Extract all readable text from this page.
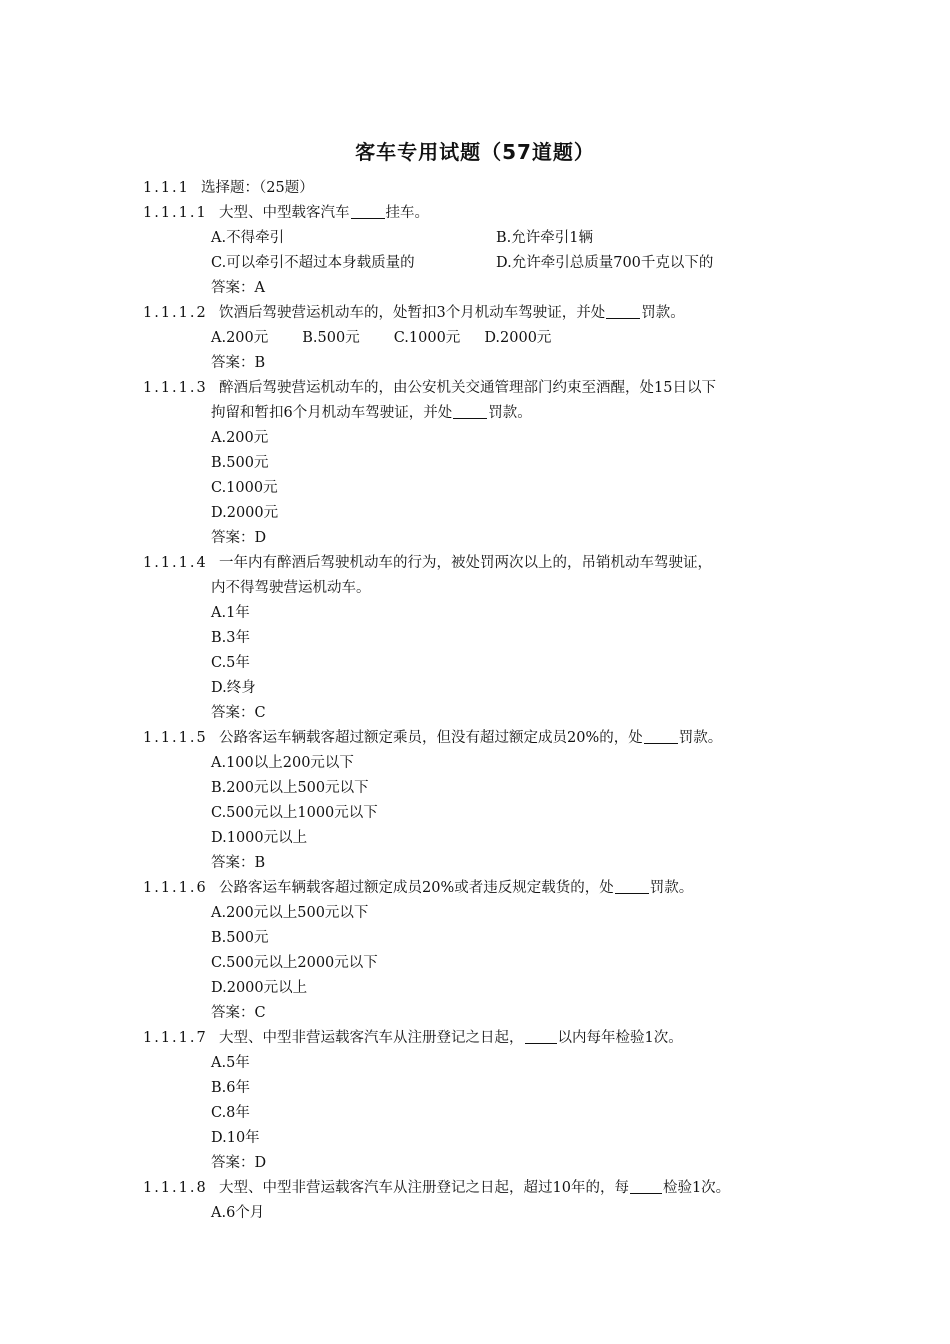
客车专用试题（57道题）
1.1.1 选择题：（25题）
1.1.1.1 大型、中型载客汽车 挂车。
A.不得牵引	B.允许牵引1辆
C.可以牵引不超过本身载质量的	D.允许牵引总质量700千克以下的
答案：A
1.1.1.2 饮酒后驾驶营运机动车的，处暂扣3个月机动车驾驶证，并处 罚款。
A.200元 B.500元 C.1000元 D.2000元
答案：B
1.1.1.3 醉酒后驾驶营运机动车的，由公安机关交通管理部门约束至酒醒，处15日以下
拘留和暂扣6个月机动车驾驶证，并处 罚款。
A.200元
B.500元
C.1000元
D.2000元
答案：D
1.1.1.4 一年内有醉酒后驾驶机动车的行为，被处罚两次以上的，吊销机动车驾驶证，
内不得驾驶营运机动车。
A.1年
B.3年
C.5年
D.终身
答案：C
1.1.1.5 公路客运车辆载客超过额定乘员，但没有超过额定成员20%的，处 罚款。
A.100以上200元以下
B.200元以上500元以下
C.500元以上1000元以下
D.1000元以上
答案：B
1.1.1.6 公路客运车辆载客超过额定成员20%或者违反规定载货的，处 罚款。
A.200元以上500元以下
B.500元
C.500元以上2000元以下
D.2000元以上
答案：C
1.1.1.7 大型、中型非营运载客汽车从注册登记之日起， 以内每年检验1次。
A.5年
B.6年
C.8年
D.10年
答案：D
1.1.1.8 大型、中型非营运载客汽车从注册登记之日起，超过10年的，每 检验1次。
A.6个月
